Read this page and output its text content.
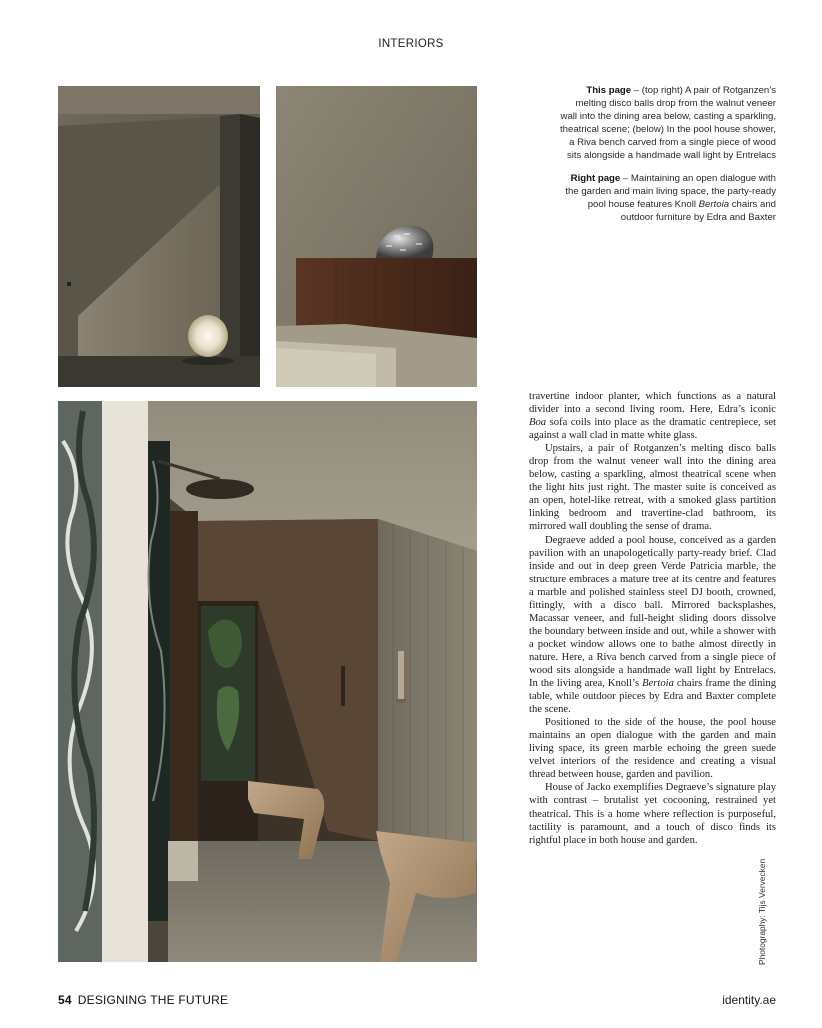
INTERIORS

This page – (top right) A pair of Rotganzen’s melting disco balls drop from the walnut veneer wall into the dining area below, casting a sparkling, theatrical scene; (below) In the pool house shower, a Riva bench carved from a single piece of wood sits alongside a handmade wall light by Entrelacs

Right page – Maintaining an open dialogue with the garden and main living space, the party-ready pool house features Knoll Bertoia chairs and outdoor furniture by Edra and Baxter

travertine indoor planter, which functions as a natural divider into a second living room. Here, Edra’s iconic Boa sofa coils into place as the dramatic centrepiece, set against a wall clad in matte white glass.

Upstairs, a pair of Rotganzen’s melting disco balls drop from the walnut veneer wall into the dining area below, casting a sparkling, almost theatrical scene when the light hits just right. The master suite is conceived as an open, hotel-like retreat, with a smoked glass partition linking bedroom and travertine-clad bathroom, its mirrored wall doubling the sense of drama.

Degraeve added a pool house, conceived as a garden pavilion with an unapologetically party-ready brief. Clad inside and out in deep green Verde Patricia marble, the structure embraces a mature tree at its centre and features a marble and polished stainless steel DJ booth, crowned, fittingly, with a disco ball. Mirrored backsplashes, Macassar veneer, and full-height sliding doors dissolve the boundary between inside and out, while a shower with a pocket window allows one to bathe almost directly in nature. Here, a Riva bench carved from a single piece of wood sits alongside a handmade wall light by Entrelacs. In the living area, Knoll’s Bertoia chairs frame the dining table, while outdoor pieces by Edra and Baxter complete the scene.

Positioned to the side of the house, the pool house maintains an open dialogue with the garden and main living space, its green marble echoing the green suede velvet interiors of the residence and creating a visual thread between house, garden and pavilion.

House of Jacko exemplifies Degraeve’s signature play with contrast – brutalist yet cocooning, restrained yet theatrical. This is a home where reflection is purposeful, tactility is paramount, and a touch of disco finds its rightful place in both house and garden.

Photography: Tijs Vervecken
54 DESIGNING THE FUTURE	identity.ae
